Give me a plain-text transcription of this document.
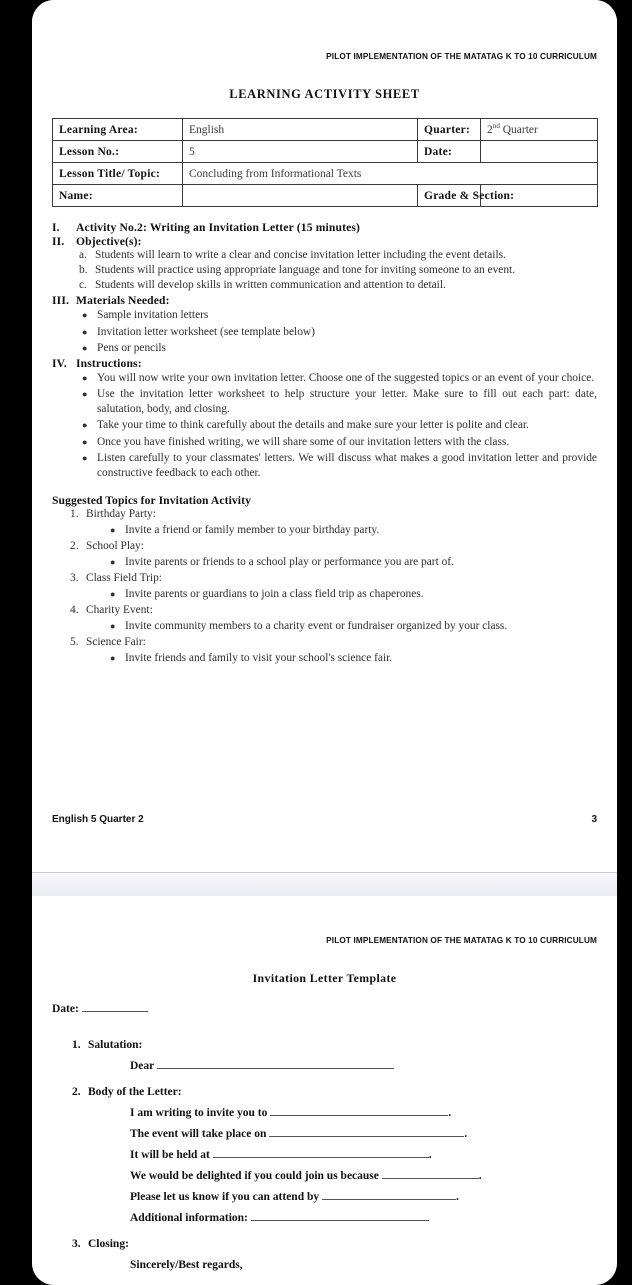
PILOT IMPLEMENTATION OF THE MATATAG K TO 10 CURRICULUM
LEARNING ACTIVITY SHEET
Learning Area:	English	Quarter:	2nd Quarter
Lesson No.:	5	Date:	
Lesson Title/ Topic:	Concluding from Informational Texts		
Name:		Grade & Section:	
I.	Activity No.2: Writing an Invitation Letter (15 minutes)
II.	Objective(s):
a. Students will learn to write a clear and concise invitation letter including the event details.
b. Students will practice using appropriate language and tone for inviting someone to an event.
c. Students will develop skills in written communication and attention to detail.
III. Materials Needed:
● Sample invitation letters
● Invitation letter worksheet (see template below)
● Pens or pencils
IV. Instructions:
● You will now write your own invitation letter. Choose one of the suggested topics or an event of your choice.
● Use the invitation letter worksheet to help structure your letter. Make sure to fill out each part: date, salutation, body, and closing.
● Take your time to think carefully about the details and make sure your letter is polite and clear.
● Once you have finished writing, we will share some of our invitation letters with the class.
● Listen carefully to your classmates' letters. We will discuss what makes a good invitation letter and provide constructive feedback to each other.
Suggested Topics for Invitation Activity
1. Birthday Party:
● Invite a friend or family member to your birthday party.
2. School Play:
● Invite parents or friends to a school play or performance you are part of.
3. Class Field Trip:
● Invite parents or guardians to join a class field trip as chaperones.
4. Charity Event:
● Invite community members to a charity event or fundraiser organized by your class.
5. Science Fair:
● Invite friends and family to visit your school's science fair.
English 5 Quarter 2	3
PILOT IMPLEMENTATION OF THE MATATAG K TO 10 CURRICULUM
Invitation Letter Template
Date:
1. Salutation:
Dear
2. Body of the Letter:
I am writing to invite you to	.
The event will take place on	.
It will be held at	.
We would be delighted if you could join us because	.
Please let us know if you can attend by	.
Additional information:
3. Closing:
Sincerely/Best regards,
